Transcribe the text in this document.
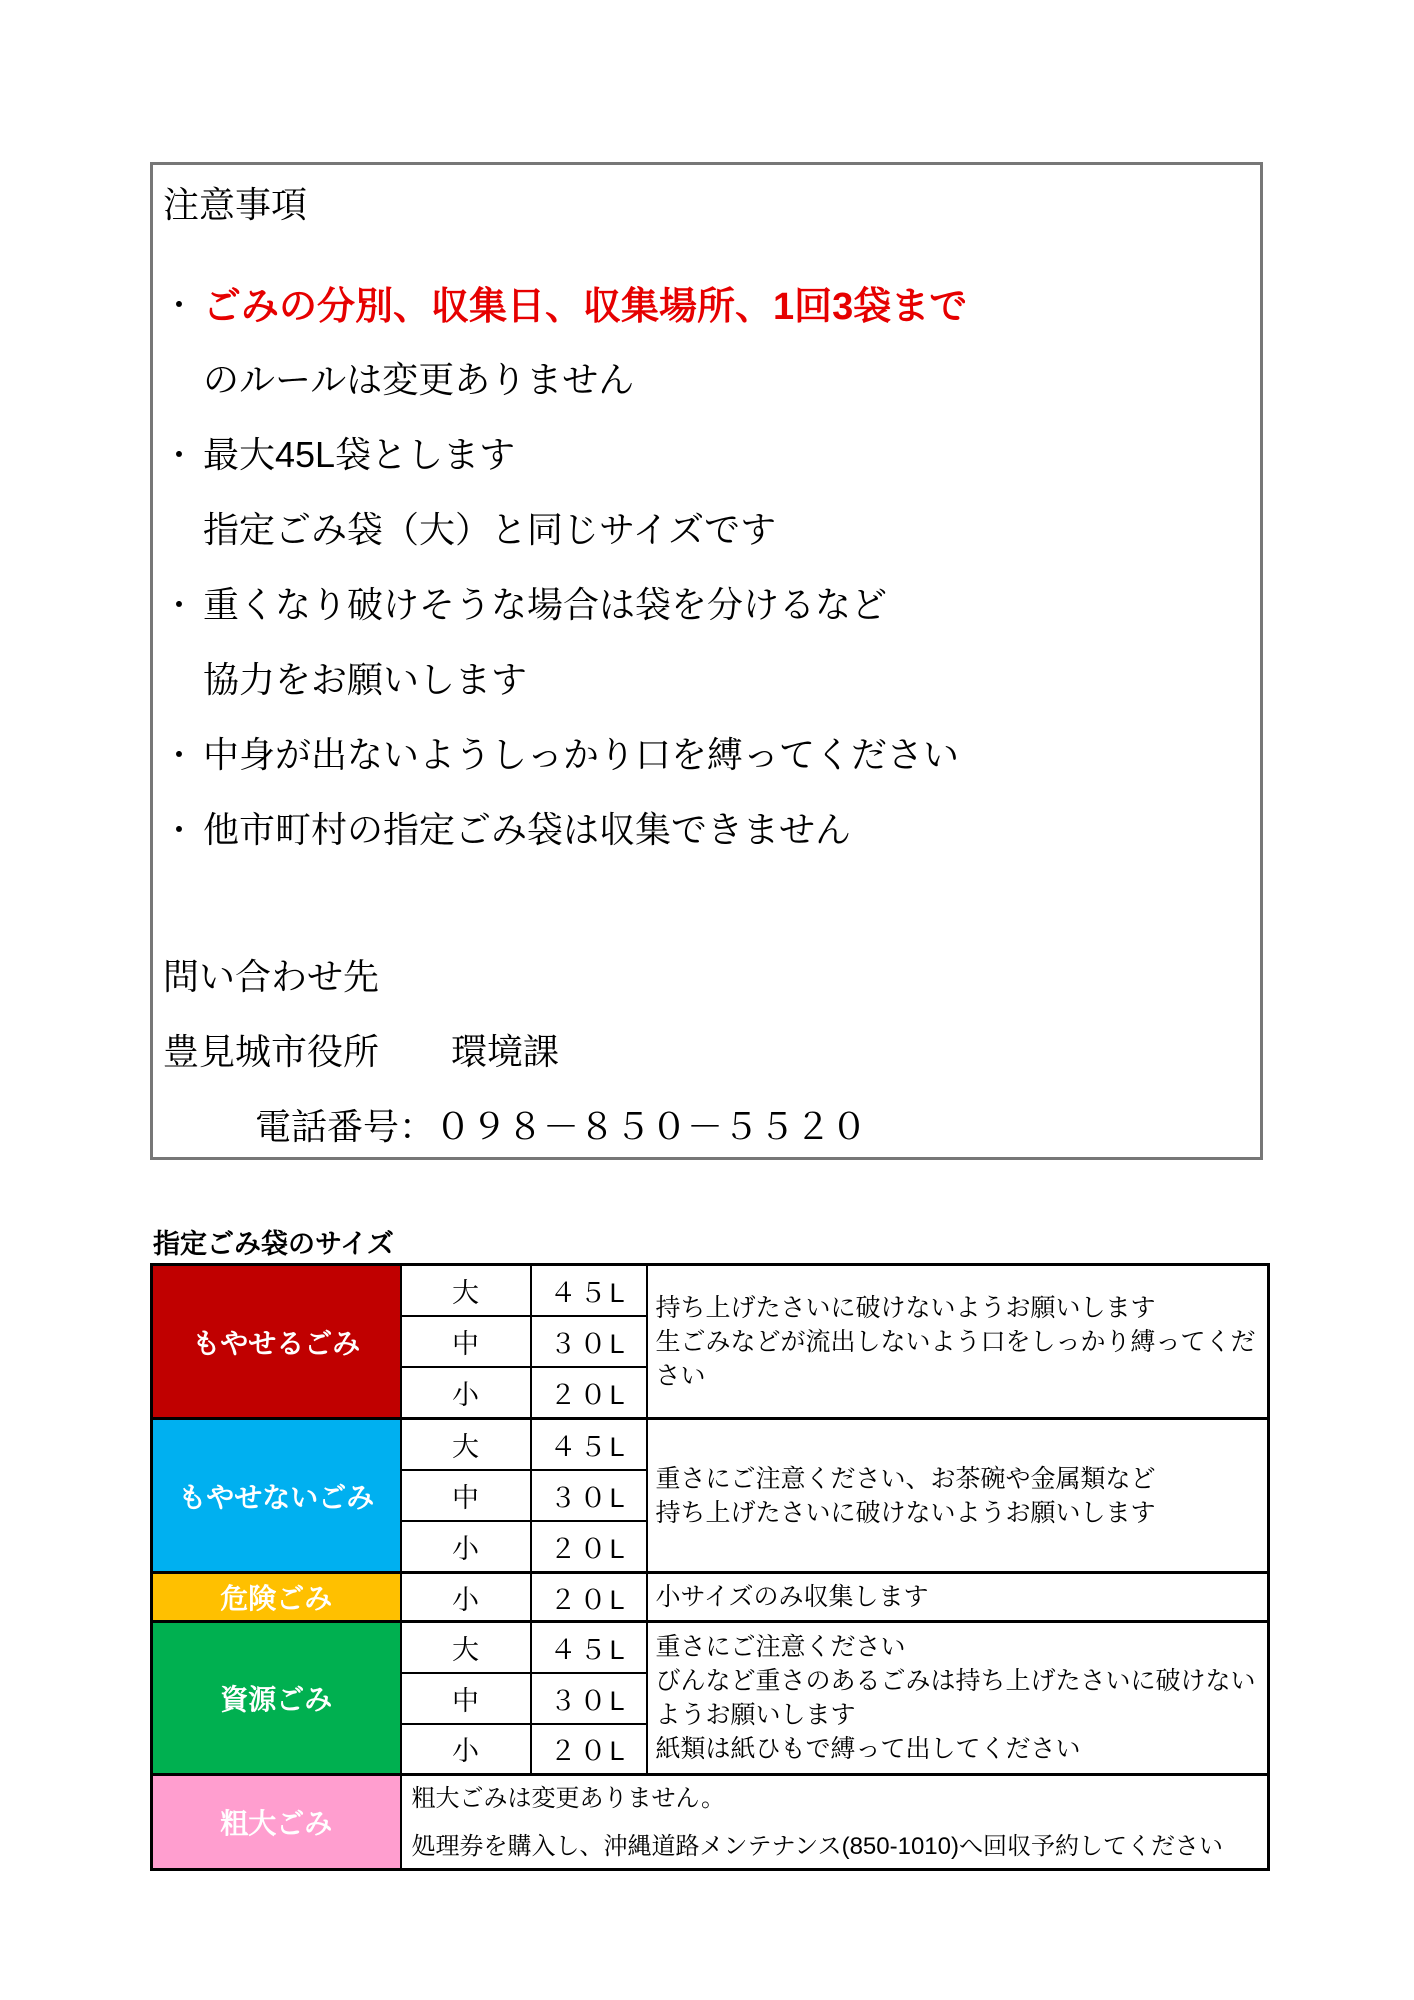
注意事項
・ ごみの分別、収集日、収集場所、1回3袋まで
のルールは変更ありません
・ 最大45L袋とします
指定ごみ袋（大）と同じサイズです
・ 重くなり破けそうな場合は袋を分けるなど
協力をお願いします
・ 中身が出ないようしっかり口を縛ってください
・ 他市町村の指定ごみ袋は収集できません
問い合わせ先
豊見城市役所　　環境課
電話番号：０９８－８５０－５５２０
指定ごみ袋のサイズ
もやせるごみ	大	４５L	持ち上げたさいに破けないようお願いします
生ごみなどが流出しないよう口をしっかり縛ってください

	中	３０L	
	小	２０L	
もやせないごみ	大	４５L	重さにご注意ください、お茶碗や金属類など
持ち上げたさいに破けないようお願いします

	中	３０L	
	小	２０L	
危険ごみ	小	２０L	小サイズのみ収集します

資源ごみ	大	４５L	重さにご注意ください
びんなど重さのあるごみは持ち上げたさいに破けないようお願いします
紙類は紙ひもで縛って出してください

	中	３０L	
	小	２０L	
粗大ごみ	粗大ごみは変更ありません。
処理券を購入し、沖縄道路メンテナンス(850-1010)へ回収予約してください		
